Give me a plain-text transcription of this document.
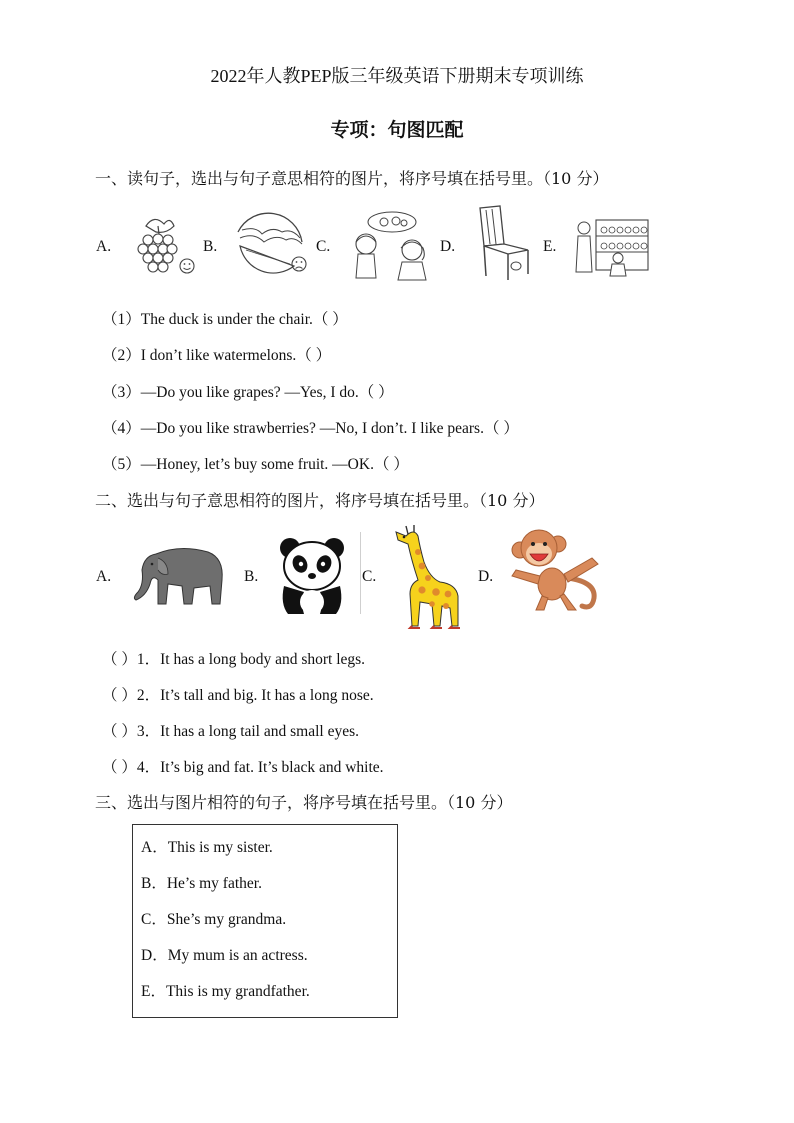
2022年人教PEP版三年级英语下册期末专项训练
专项：句图匹配
一、读句子，选出与句子意思相符的图片，将序号填在括号里。（10 分）
A.	B.	C.	D.	E.
（1）The duck is under the chair.（ ）
（2）I don’t like watermelons.（ ）
（3）—Do you like grapes? —Yes, I do.（ ）
（4）—Do you like strawberries? —No, I don’t. I like pears.（ ）
（5）—Honey, let’s buy some fruit. —OK.（ ）
二、选出与句子意思相符的图片，将序号填在括号里。（10 分）
A.	B.	C.	D.
（ ）1．It has a long body and short legs.
（ ）2．It’s tall and big. It has a long nose.
（ ）3．It has a long tail and small eyes.
（ ）4．It’s big and fat. It’s black and white.
三、选出与图片相符的句子，将序号填在括号里。（10 分）
A．This is my sister.
B．He’s my father.
C．She’s my grandma.
D．My mum is an actress.
E．This is my grandfather.
